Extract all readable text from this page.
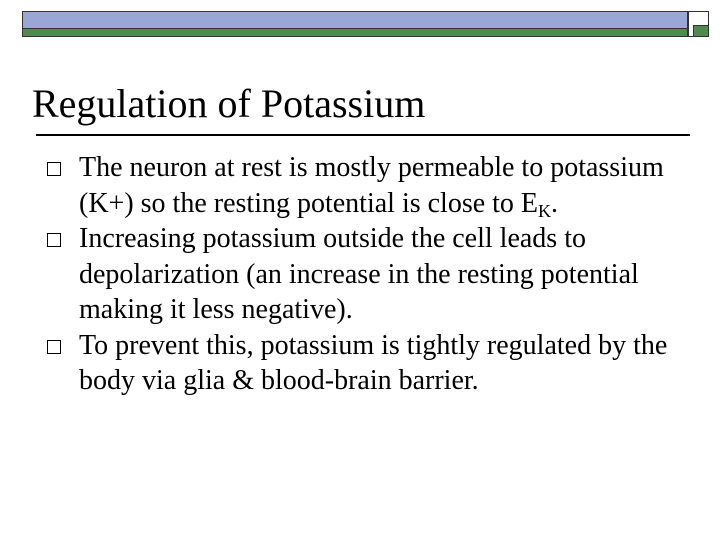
Regulation of Potassium
The neuron at rest is mostly permeable to potassium (K+) so the resting potential is close to $E_K$.
Increasing potassium outside the cell leads to depolarization (an increase in the resting potential making it less negative).
To prevent this, potassium is tightly regulated by the body via glia & blood-brain barrier.
